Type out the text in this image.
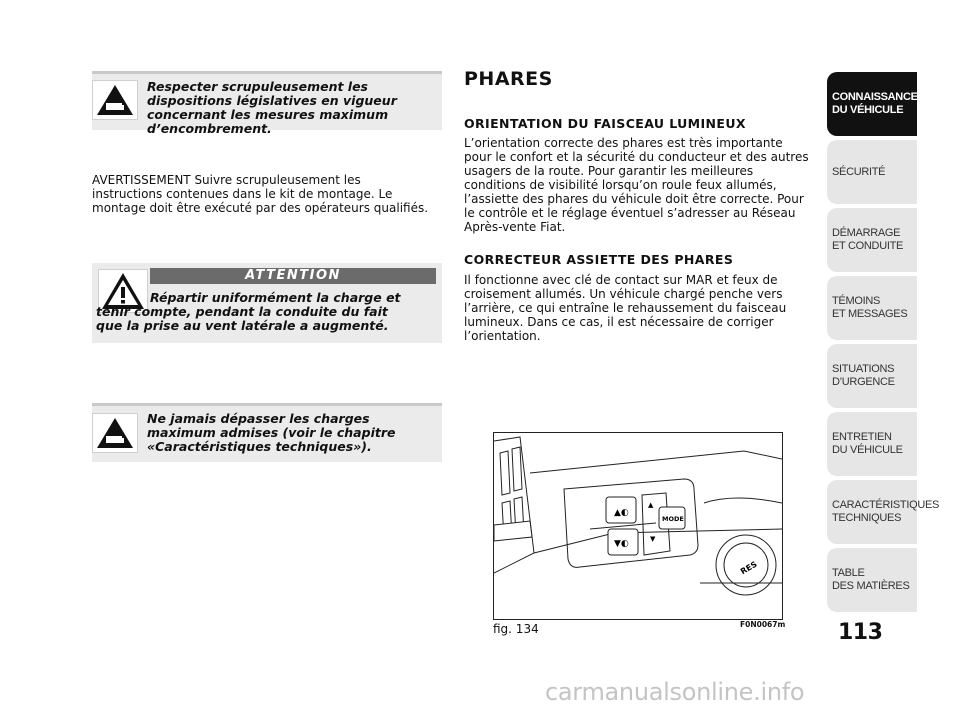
Respecter scrupuleusement les dispositions législatives en vigueur concernant les mesures maximum d’encombrement.
AVERTISSEMENT Suivre scrupuleusement les instructions contenues dans le kit de montage. Le montage doit être exécuté par des opérateurs qualifiés.
ATTENTION
Répartir uniformément la charge et tenir compte, pendant la conduite du fait que la prise au vent latérale a augmenté.
Ne jamais dépasser les charges maximum admises (voir le chapitre «Caractéristiques techniques»).
PHARES
ORIENTATION DU FAISCEAU LUMINEUX
L’orientation correcte des phares est très importante pour le confort et la sécurité du conducteur et des autres usagers de la route. Pour garantir les meilleures conditions de visibilité lorsqu’on roule feux allumés, l’assiette des phares du véhicule doit être correcte. Pour le contrôle et le réglage éventuel s’adresser au Réseau Après-vente Fiat.
CORRECTEUR ASSIETTE DES PHARES
Il fonctionne avec clé de contact sur MAR et feux de croisement allumés. Un véhicule chargé penche vers l’arrière, ce qui entraîne le rehaussement du faisceau lumineux. Dans ce cas, il est nécessaire de corriger l’orientation.
▲◐
▼◐
▲
▼
MODE
RES
fig. 134	F0N0067m
CONNAISSANCE
DU VÉHICULE
SÉCURITÉ
DÉMARRAGE
ET CONDUITE
TÉMOINS
ET MESSAGES
SITUATIONS
D’URGENCE
ENTRETIEN
DU VÉHICULE
CARACTÉRISTIQUES
TECHNIQUES
TABLE
DES MATIÈRES
113
carmanualsonline.info
